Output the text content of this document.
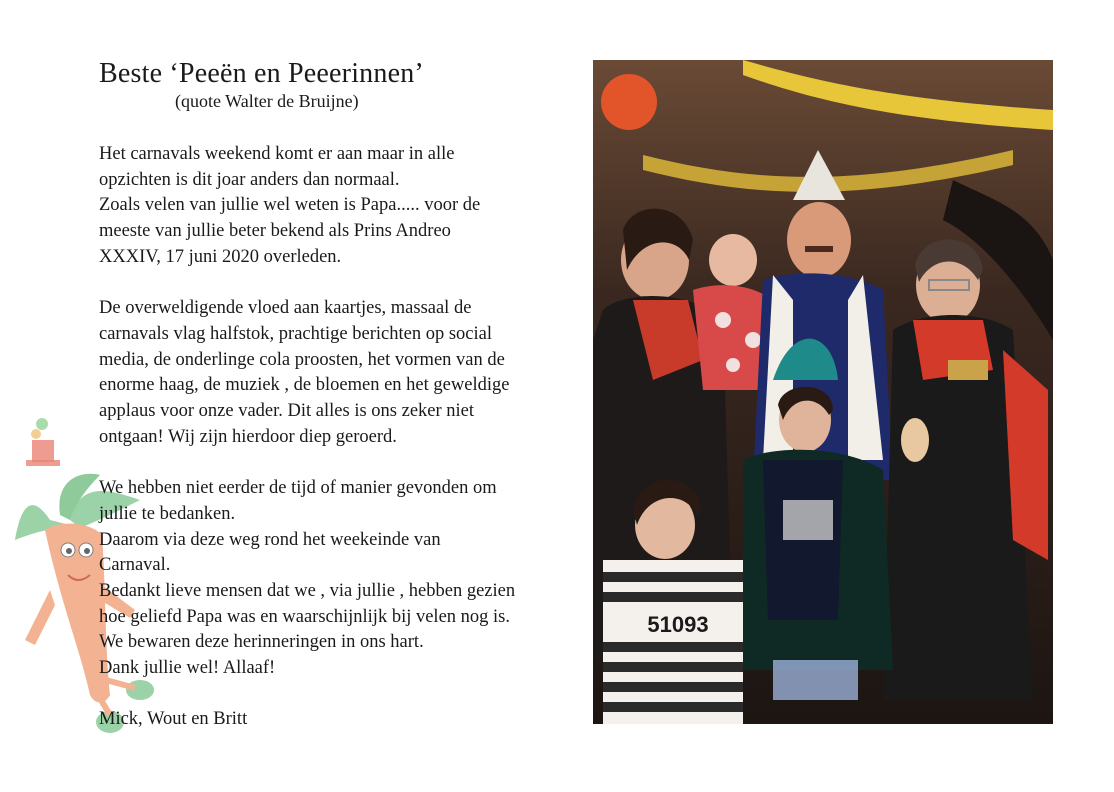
Beste ‘Peeën en Peeerinnen’
(quote Walter de Bruijne)

Het carnavals weekend komt er aan maar in alle
opzichten is dit joar anders dan normaal.
Zoals velen van jullie wel weten is Papa..... voor de
meeste van jullie beter bekend als Prins Andreo
XXXIV, 17 juni 2020 overleden.

De overweldigende vloed aan kaartjes, massaal de
carnavals vlag halfstok, prachtige berichten op social
media, de onderlinge cola proosten, het vormen van de
enorme haag, de muziek , de bloemen en het geweldige
applaus voor onze vader. Dit alles is ons zeker niet
ontgaan! Wij zijn hierdoor diep geroerd.

We hebben niet eerder de tijd of manier gevonden om
jullie te bedanken.
Daarom via deze weg rond het weekeinde van
Carnaval.
Bedankt lieve mensen dat we , via jullie , hebben gezien
hoe geliefd Papa was en waarschijnlijk bij velen nog is.
We bewaren deze herinneringen in ons hart.
Dank jullie wel! Allaaf!

Mick, Wout en Britt

51093
